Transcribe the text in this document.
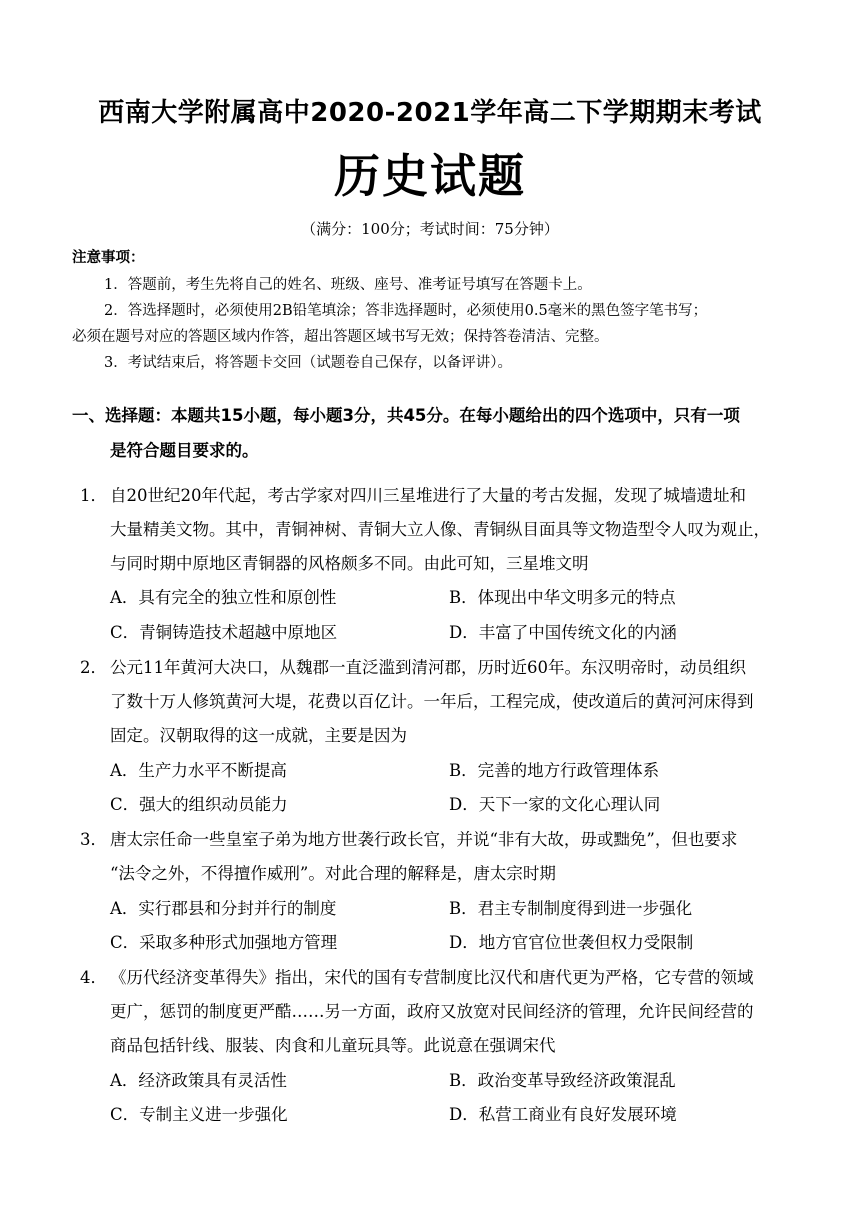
西南大学附属高中2020-2021学年高二下学期期末考试
历史试题
（满分：100分；考试时间：75分钟）
注意事项：
1．答题前，考生先将自己的姓名、班级、座号、准考证号填写在答题卡上。
2．答选择题时，必须使用2B铅笔填涂；答非选择题时，必须使用0.5毫米的黑色签字笔书写；
必须在题号对应的答题区域内作答，超出答题区域书写无效；保持答卷清洁、完整。
3．考试结束后，将答题卡交回（试题卷自己保存，以备评讲）。
一、选择题：本题共15小题，每小题3分，共45分。在每小题给出的四个选项中，只有一项
是符合题目要求的。
1． 自20世纪20年代起，考古学家对四川三星堆进行了大量的考古发掘，发现了城墙遗址和
大量精美文物。其中，青铜神树、青铜大立人像、青铜纵目面具等文物造型令人叹为观止，
与同时期中原地区青铜器的风格颇多不同。由此可知，三星堆文明
A．具有完全的独立性和原创性	B．体现出中华文明多元的特点
C．青铜铸造技术超越中原地区	D．丰富了中国传统文化的内涵
2． 公元11年黄河大决口，从魏郡一直泛滥到清河郡，历时近60年。东汉明帝时，动员组织
了数十万人修筑黄河大堤，花费以百亿计。一年后，工程完成，使改道后的黄河河床得到
固定。汉朝取得的这一成就，主要是因为
A．生产力水平不断提高	B．完善的地方行政管理体系
C．强大的组织动员能力	D．天下一家的文化心理认同
3． 唐太宗任命一些皇室子弟为地方世袭行政长官，并说“非有大故，毋或黜免”，但也要求
“法令之外，不得擅作威刑”。对此合理的解释是，唐太宗时期
A．实行郡县和分封并行的制度	B．君主专制制度得到进一步强化
C．采取多种形式加强地方管理	D．地方官官位世袭但权力受限制
4． 《历代经济变革得失》指出，宋代的国有专营制度比汉代和唐代更为严格，它专营的领域
更广，惩罚的制度更严酷……另一方面，政府又放宽对民间经济的管理，允许民间经营的
商品包括针线、服装、肉食和儿童玩具等。此说意在强调宋代
A．经济政策具有灵活性	B．政治变革导致经济政策混乱
C．专制主义进一步强化	D．私营工商业有良好发展环境
